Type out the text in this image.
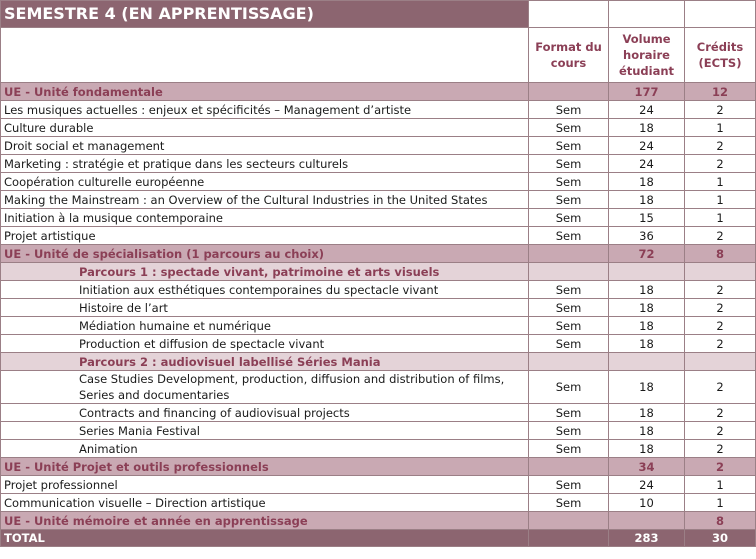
SEMESTRE 4 (EN APPRENTISSAGE)			
	Format du cours	Volume horaire étudiant	Crédits (ECTS)
UE - Unité fondamentale		177	12
Les musiques actuelles : enjeux et spécificités – Management d’artiste	Sem	24	2
Culture durable	Sem	18	1
Droit social et management	Sem	24	2
Marketing : stratégie et pratique dans les secteurs culturels	Sem	24	2
Coopération culturelle européenne	Sem	18	1
Making the Mainstream : an Overview of the Cultural Industries in the United States	Sem	18	1
Initiation à la musique contemporaine	Sem	15	1
Projet artistique	Sem	36	2
UE - Unité de spécialisation (1 parcours au choix)		72	8
Parcours 1 : spectade vivant, patrimoine et arts visuels			
Initiation aux esthétiques contemporaines du spectacle vivant	Sem	18	2
Histoire de l’art	Sem	18	2
Médiation humaine et numérique	Sem	18	2
Production et diffusion de spectacle vivant	Sem	18	2
Parcours 2 : audiovisuel labellisé Séries Mania			
Case Studies Development, production, diffusion and distribution of films, Series and documentaries	Sem	18	2
Contracts and financing of audiovisual projects	Sem	18	2
Series Mania Festival	Sem	18	2
Animation	Sem	18	2
UE - Unité Projet et outils professionnels		34	2
Projet professionnel	Sem	24	1
Communication visuelle – Direction artistique	Sem	10	1
UE - Unité mémoire et année en apprentissage			8
TOTAL		283	30
